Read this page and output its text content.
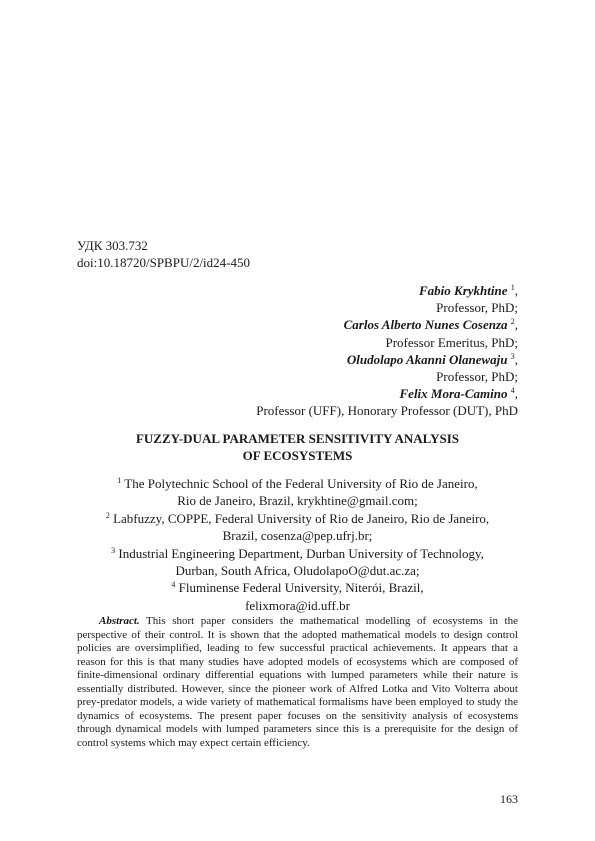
УДК 303.732
doi:10.18720/SPBPU/2/id24-450
Fabio Krykhtine $^1$,
Professor, PhD;
Carlos Alberto Nunes Cosenza $^2$,
Professor Emeritus, PhD;
Oludolapo Akanni Olanewaju $^3$,
Professor, PhD;
Felix Mora-Camino $^4$,
Professor (UFF), Honorary Professor (DUT), PhD
FUZZY-DUAL PARAMETER SENSITIVITY ANALYSIS
OF ECOSYSTEMS
$^1$ The Polytechnic School of the Federal University of Rio de Janeiro,
Rio de Janeiro, Brazil, krykhtine@gmail.com;
$^2$ Labfuzzy, COPPE, Federal University of Rio de Janeiro, Rio de Janeiro,
Brazil, cosenza@pep.ufrj.br;
$^3$ Industrial Engineering Department, Durban University of Technology,
Durban, South Africa, OludolapoO@dut.ac.za;
$^4$ Fluminense Federal University, Niterói, Brazil,
felixmora@id.uff.br

Abstract. This short paper considers the mathematical modelling of ecosystems in the perspective of their control. It is shown that the adopted mathematical models to design control policies are oversimplified, leading to few successful practical achievements. It appears that a reason for this is that many studies have adopted models of ecosystems which are composed of finite-dimensional ordinary differential equations with lumped parameters while their nature is essentially distributed. However, since the pioneer work of Alfred Lotka and Vito Volterra about prey-predator models, a wide variety of mathematical formalisms have been employed to study the dynamics of ecosystems. The present paper focuses on the sensitivity analysis of ecosystems through dynamical models with lumped parameters since this is a prerequisite for the design of control systems which may expect certain efficiency.

163
